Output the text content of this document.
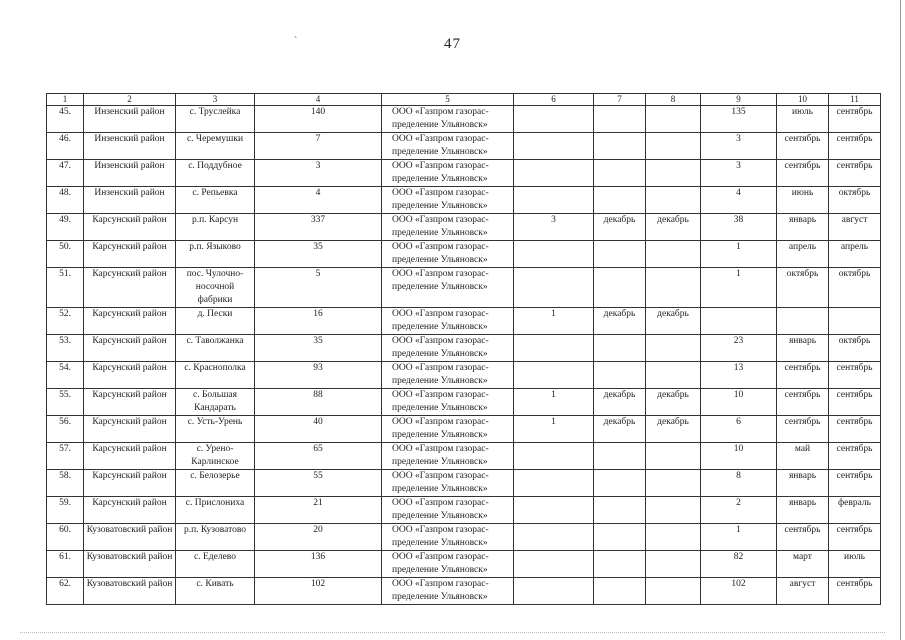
`	47
1	2	3	4	5	6	7	8	9	10	11
45.	Инзенский район	с. Труслейка	140	ООО «Газпром газорас-
пределение Ульяновск»				135	июль	сентябрь
46.	Инзенский район	с. Черемушки	7	ООО «Газпром газорас-
пределение Ульяновск»				3	сентябрь	сентябрь
47.	Инзенский район	с. Поддубное	3	ООО «Газпром газорас-
пределение Ульяновск»				3	сентябрь	сентябрь
48.	Инзенский район	с. Репьевка	4	ООО «Газпром газорас-
пределение Ульяновск»				4	июнь	октябрь
49.	Карсунский район	р.п. Карсун	337	ООО «Газпром газорас-
пределение Ульяновск»	3	декабрь	декабрь	38	январь	август
50.	Карсунский район	р.п. Языково	35	ООО «Газпром газорас-
пределение Ульяновск»				1	апрель	апрель
51.	Карсунский район	пос. Чулочно-носочной фабрики	5	ООО «Газпром газорас-
пределение Ульяновск»				1	октябрь	октябрь
52.	Карсунский район	д. Пески	16	ООО «Газпром газорас-
пределение Ульяновск»	1	декабрь	декабрь			
53.	Карсунский район	с. Таволжанка	35	ООО «Газпром газорас-
пределение Ульяновск»				23	январь	октябрь
54.	Карсунский район	с. Краснополка	93	ООО «Газпром газорас-
пределение Ульяновск»				13	сентябрь	сентябрь
55.	Карсунский район	с. Большая Кандарать	88	ООО «Газпром газорас-
пределение Ульяновск»	1	декабрь	декабрь	10	сентябрь	сентябрь
56.	Карсунский район	с. Усть-Урень	40	ООО «Газпром газорас-
пределение Ульяновск»	1	декабрь	декабрь	6	сентябрь	сентябрь
57.	Карсунский район	с. Урено-Карлинское	65	ООО «Газпром газорас-
пределение Ульяновск»				10	май	сентябрь
58.	Карсунский район	с. Белозерье	55	ООО «Газпром газорас-
пределение Ульяновск»				8	январь	сентябрь
59.	Карсунский район	с. Прислониха	21	ООО «Газпром газорас-
пределение Ульяновск»				2	январь	февраль
60.	Кузоватовский район	р.п. Кузоватово	20	ООО «Газпром газорас-
пределение Ульяновск»				1	сентябрь	сентябрь
61.	Кузоватовский район	с. Еделево	136	ООО «Газпром газорас-
пределение Ульяновск»				82	март	июль
62.	Кузоватовский район	с. Кивать	102	ООО «Газпром газорас-
пределение Ульяновск»				102	август	сентябрь
